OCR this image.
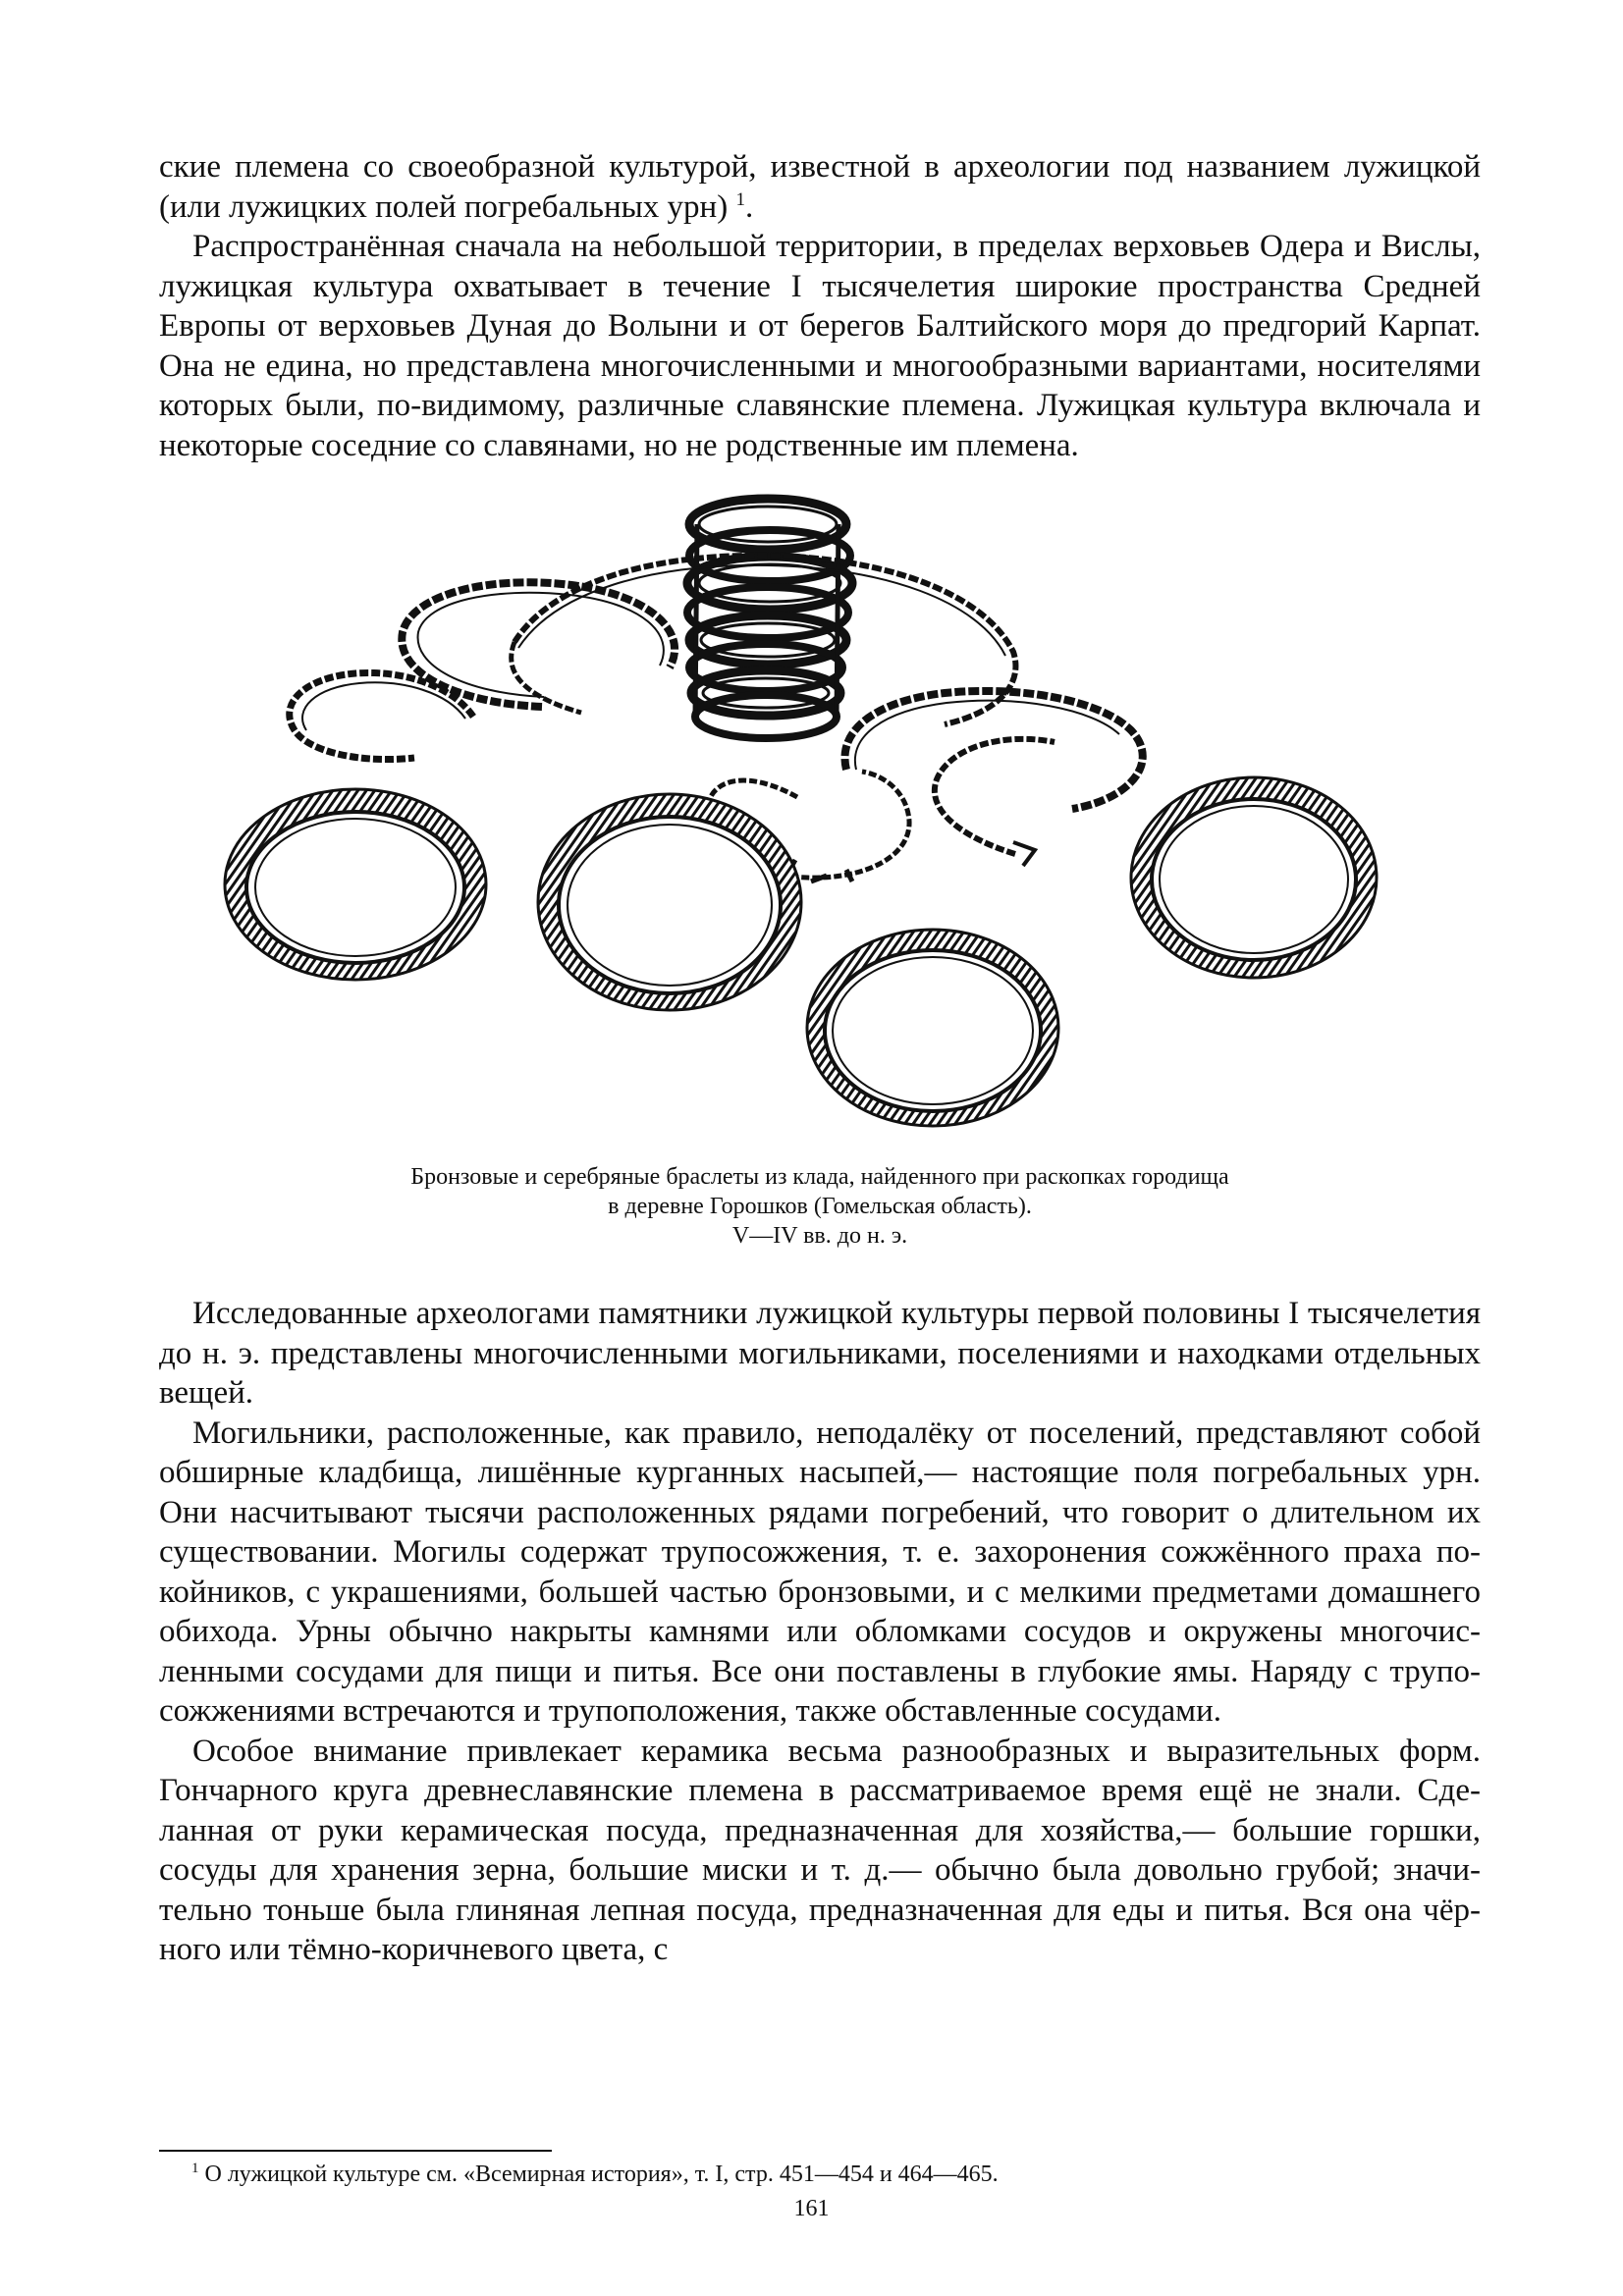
ские племена со своеобразной культурой, известной в археологии под названием лужицкой (или лужицких полей погребальных урн) $^1$.

Распространённая сначала на небольшой территории, в пределах верховьев Одера и Вислы, лужицкая культура охватывает в течение I тысячелетия широкие пространства Средней Европы от верховьев Дуная до Волыни и от берегов Балтийского моря до предгорий Карпат. Она не едина, но представлена многочисленными и многообразными вариантами, носителями которых были, по-видимому, различные славянские племена. Лужицкая культура включала и некоторые соседние со славянами, но не родственные им племена.

Бронзовые и серебряные браслеты из клада, найденного при раскопках городища
в деревне Горошков (Гомельская область).
V—IV вв. до н. э.

Исследованные археологами памятники лужицкой культуры первой половины I тысячелетия до н. э. представлены многочисленными могильниками, поселениями и находками отдельных вещей.

Могильники, расположенные, как правило, неподалёку от поселений, представляют собой обширные кладбища, лишённые курганных насыпей,— настоящие поля погребальных урн. Они насчитывают тысячи расположенных рядами погребений, что говорит о длительном их существовании. Могилы содержат трупосожжения, т. е. захоронения сожжённого праха покойников, с украшениями, большей частью бронзовыми, и с мелкими предметами домашнего обихода. Урны обычно накрыты камнями или обломками сосудов и окружены многочисленными сосудами для пищи и питья. Все они поставлены в глубокие ямы. Наряду с трупосожжениями встречаются и трупоположения, также обставленные сосудами.

Особое внимание привлекает керамика весьма разнообразных и выразительных форм. Гончарного круга древнеславянские племена в рассматриваемое время ещё не знали. Сделанная от руки керамическая посуда, предназначенная для хозяйства,— большие горшки, сосуды для хранения зерна, большие миски и т. д.— обычно была довольно грубой; значительно тоньше была глиняная лепная посуда, предназначенная для еды и питья. Вся она чёрного или тёмно-коричневого цвета, с

$^1$ О лужицкой культуре см. «Всемирная история», т. I, стр. 451—454 и 464—465.
161
